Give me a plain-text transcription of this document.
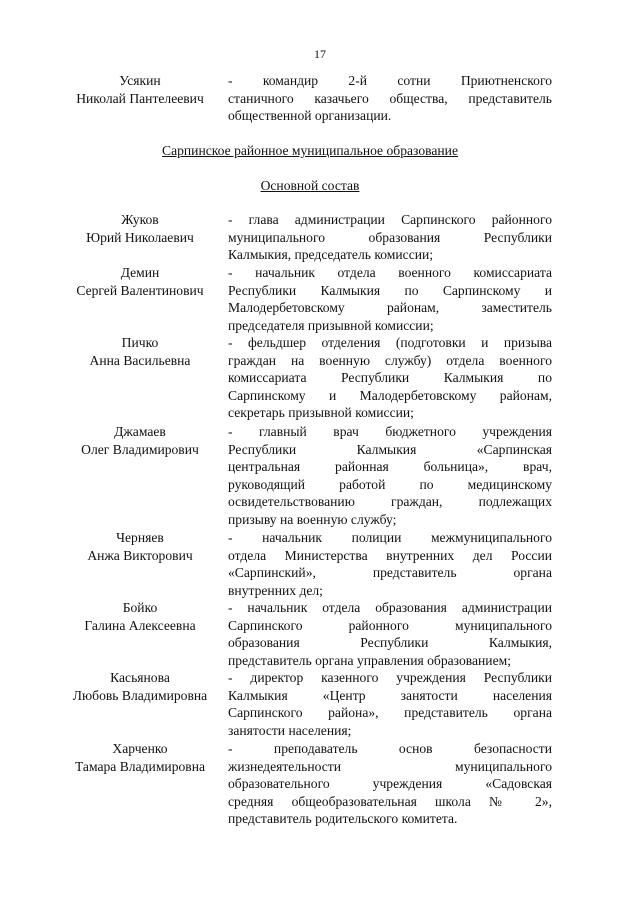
17
Усякин
Николай Пантелеевич
- командир 2-й сотни Приютненского
станичного казачьего общества, представитель
общественной организации.
Сарпинское районное муниципальное образование
Основной состав
Жуков
Юрий Николаевич
- глава администрации Сарпинского районного
муниципального образования Республики
Калмыкия, председатель комиссии;
Демин
Сергей Валентинович
- начальник отдела военного комиссариата
Республики Калмыкия по Сарпинскому и
Малодербетовскому районам, заместитель
председателя призывной комиссии;
Пичко
Анна Васильевна
- фельдшер отделения (подготовки и призыва
граждан на военную службу) отдела военного
комиссариата Республики Калмыкия по
Сарпинскому и Малодербетовскому районам,
секретарь призывной комиссии;
Джамаев
Олег Владимирович
- главный врач бюджетного учреждения
Республики Калмыкия «Сарпинская
центральная районная больница», врач,
руководящий работой по медицинскому
освидетельствованию граждан, подлежащих
призыву на военную службу;
Черняев
Анжа Викторович
- начальник полиции межмуниципального
отдела Министерства внутренних дел России
«Сарпинский», представитель органа
внутренних дел;
Бойко
Галина Алексеевна
- начальник отдела образования администрации
Сарпинского районного муниципального
образования Республики Калмыкия,
представитель органа управления образованием;
Касьянова
Любовь Владимировна
- директор казенного учреждения Республики
Калмыкия «Центр занятости населения
Сарпинского района», представитель органа
занятости населения;
Харченко
Тамара Владимировна
- преподаватель основ безопасности
жизнедеятельности муниципального
образовательного учреждения «Садовская
средняя общеобразовательная школа № 2»,
представитель родительского комитета.
